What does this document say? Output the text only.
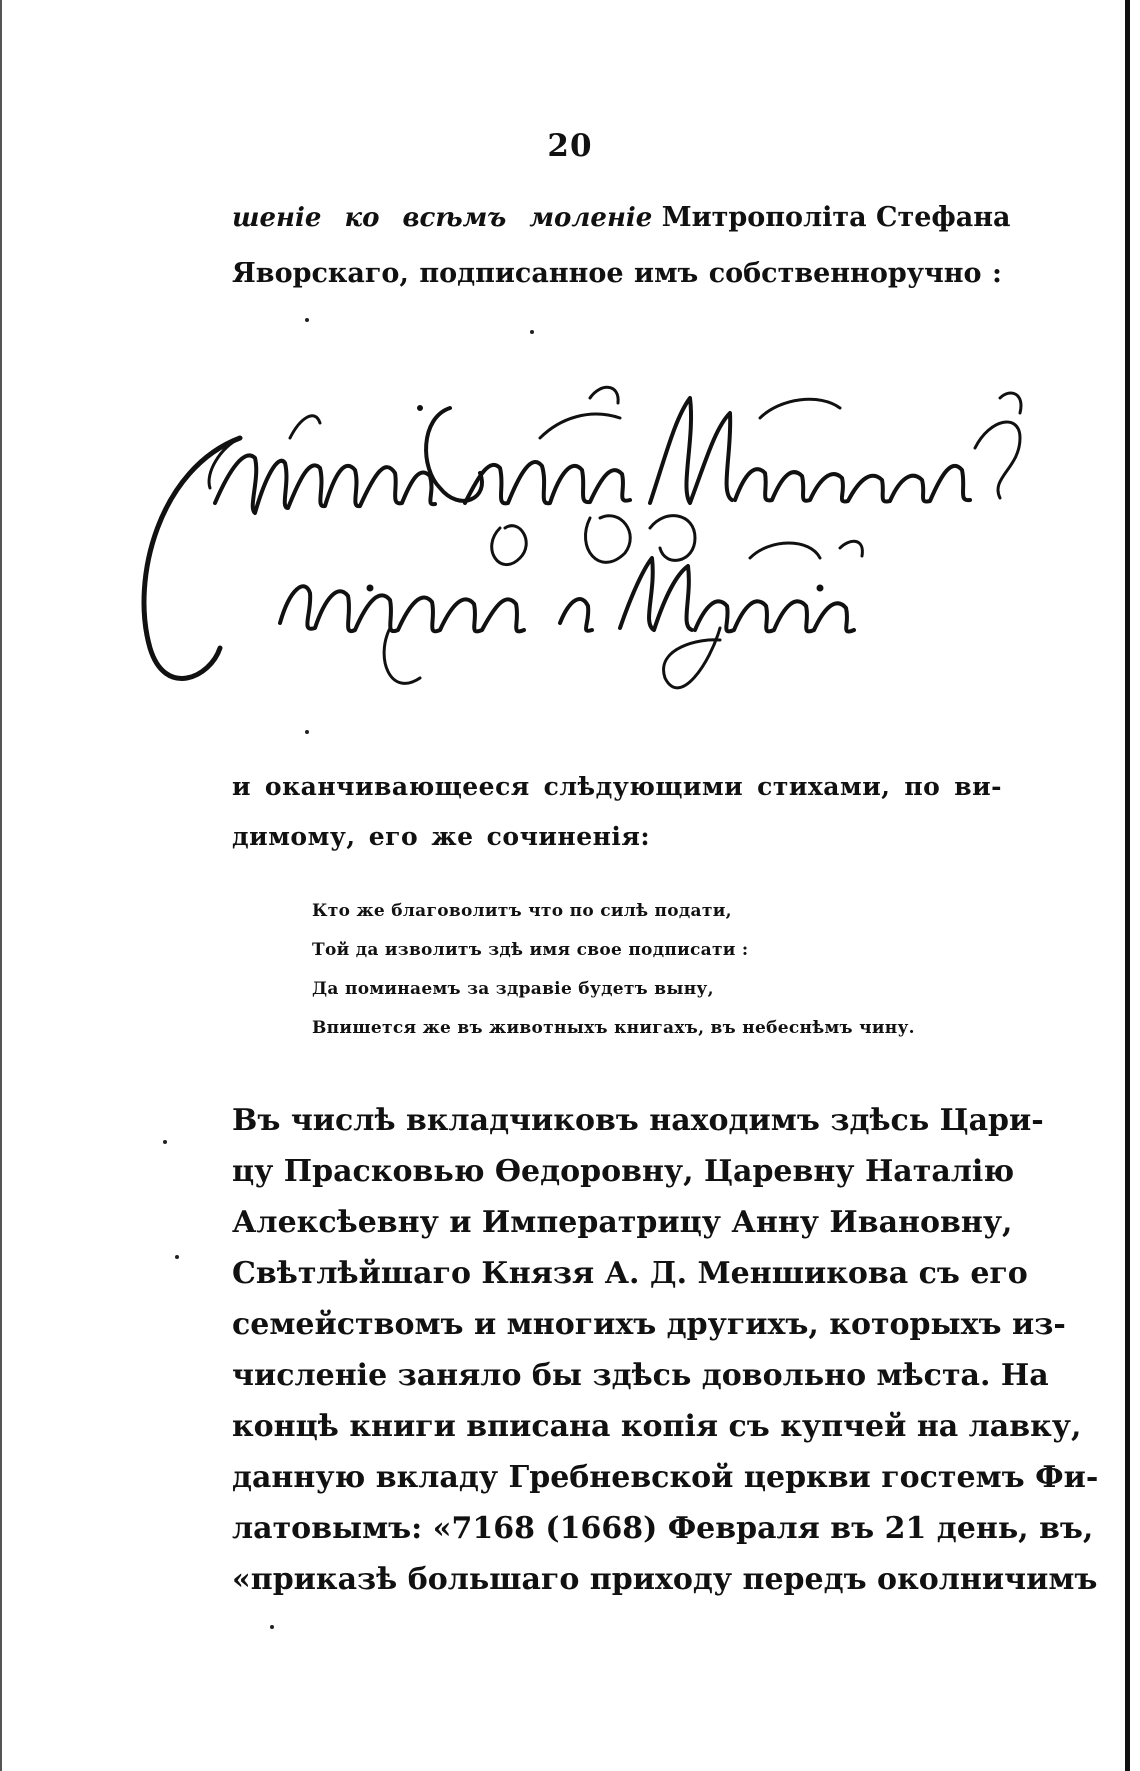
20
шеніе ко всѣмъ моленіе Митрополіта Стефана
Яворскаго, подписанное имъ собственноручно :
и оканчивающееся слѣдующими стихами, по ви-
димому, его же сочиненія:
Кто же благоволитъ что по силѣ подати,
Той да изволитъ здѣ имя свое подписати :
Да поминаемъ за здравіе будетъ выну,
Впишется же въ животныхъ книгахъ, въ небеснѣмъ чину.
Въ числѣ вкладчиковъ находимъ здѣсь Цари-
цу Прасковью Ѳедоровну, Царевну Наталію
Алексѣевну и Императрицу Анну Ивановну,
Свѣтлѣйшаго Князя А. Д. Меншикова съ его
семействомъ и многихъ другихъ, которыхъ из-
численіе заняло бы здѣсь довольно мѣста. На
концѣ книги вписана копія съ купчей на лавку,
данную вкладу Гребневской церкви гостемъ Фи-
латовымъ: «7168 (1668) Февраля въ 21 день, въ,
«приказѣ большаго приходу передъ околничимъ
